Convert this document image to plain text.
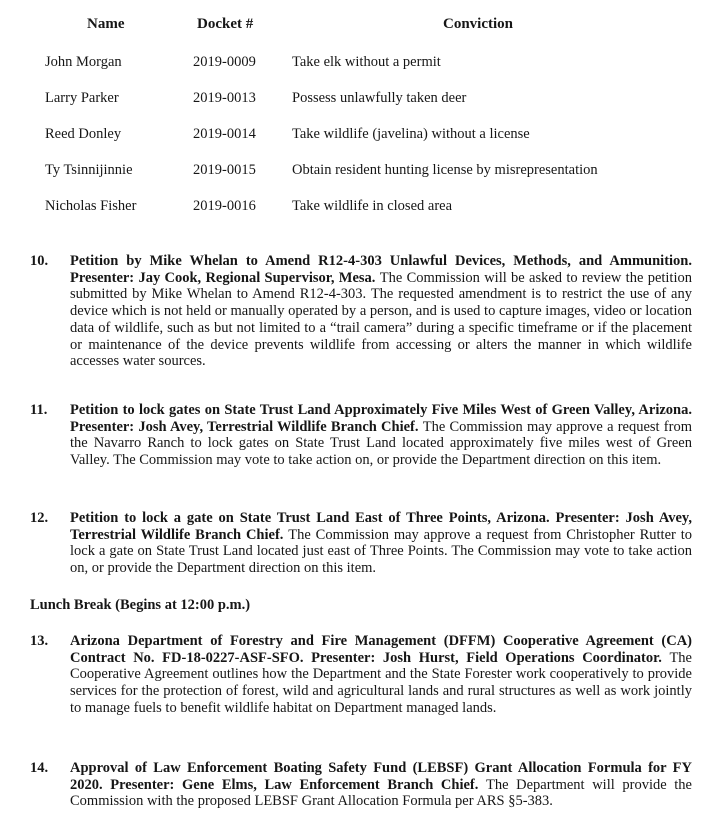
Name	Docket #	Conviction
John Morgan	2019-0009 Take elk without a permit
Larry Parker	2019-0013 Possess unlawfully taken deer
Reed Donley	2019-0014 Take wildlife (javelina) without a license
Ty Tsinnijinnie	2019-0015 Obtain resident hunting license by misrepresentation
Nicholas Fisher	2019-0016 Take wildlife in closed area
10. Petition by Mike Whelan to Amend R12-4-303 Unlawful Devices, Methods, and Ammunition. Presenter: Jay Cook, Regional Supervisor, Mesa. The Commission will be asked to review the petition submitted by Mike Whelan to Amend R12-4-303. The requested amendment is to restrict the use of any device which is not held or manually operated by a person, and is used to capture images, video or location data of wildlife, such as but not limited to a “trail camera” during a specific timeframe or if the placement or maintenance of the device prevents wildlife from accessing or alters the manner in which wildlife accesses water sources.
11. Petition to lock gates on State Trust Land Approximately Five Miles West of Green Valley, Arizona. Presenter: Josh Avey, Terrestrial Wildlife Branch Chief. The Commission may approve a request from the Navarro Ranch to lock gates on State Trust Land located approximately five miles west of Green Valley. The Commission may vote to take action on, or provide the Department direction on this item.
12. Petition to lock a gate on State Trust Land East of Three Points, Arizona. Presenter: Josh Avey, Terrestrial Wildlife Branch Chief. The Commission may approve a request from Christopher Rutter to lock a gate on State Trust Land located just east of Three Points. The Commission may vote to take action on, or provide the Department direction on this item.
Lunch Break (Begins at 12:00 p.m.)
13. Arizona Department of Forestry and Fire Management (DFFM) Cooperative Agreement (CA) Contract No. FD-18-0227-ASF-SFO. Presenter: Josh Hurst, Field Operations Coordinator. The Cooperative Agreement outlines how the Department and the State Forester work cooperatively to provide services for the protection of forest, wild and agricultural lands and rural structures as well as work jointly to manage fuels to benefit wildlife habitat on Department managed lands.
14. Approval of Law Enforcement Boating Safety Fund (LEBSF) Grant Allocation Formula for FY 2020. Presenter: Gene Elms, Law Enforcement Branch Chief. The Department will provide the Commission with the proposed LEBSF Grant Allocation Formula per ARS §5-383.
